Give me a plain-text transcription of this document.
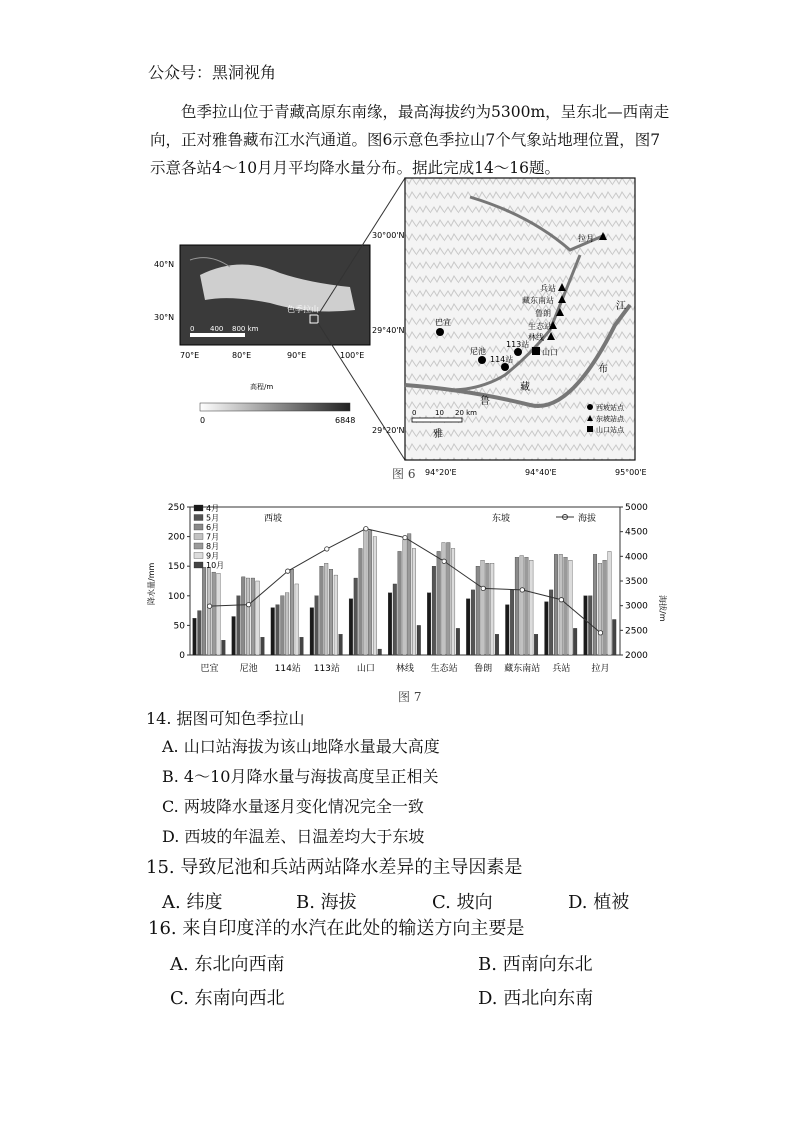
公众号：黑洞视角
色季拉山位于青藏高原东南缘，最高海拔约为5300m，呈东北—西南走向，正对雅鲁藏布江水汽通道。图6示意色季拉山7个气象站地理位置，图7示意各站4～10月月平均降水量分布。据此完成14～16题。
色季拉山
0 400 800 km
40°N
30°N
70°E	80°E	90°E	100°E
高程/m
0	6848
江
布
藏
鲁
雅
30°00'N
29°40'N
29°20'N
94°20'E	94°40'E	95°00'E
拉月
兵站
藏东南站
鲁朗
生态站
林线
山口
113站
114站
尼池
巴宜
0	10 20 km
西坡站点
东坡站点
山口站点
图 6
西坡	东坡	海拔
降水量/mm
海拔/m
0
50
100
150
200
250
2000
2500
3000
3500
4000
4500
5000
巴宜 尼池 114站 113站 山口 林线 生态站 鲁朗 藏东南站 兵站 拉月
4月
5月
6月
7月
8月
9月
10月
图 7
14. 据图可知色季拉山
A. 山口站海拔为该山地降水量最大高度
B. 4～10月降水量与海拔高度呈正相关
C. 两坡降水量逐月变化情况完全一致
D. 西坡的年温差、日温差均大于东坡
15. 导致尼池和兵站两站降水差异的主导因素是
A. 纬度	B. 海拔	C. 坡向	D. 植被
16. 来自印度洋的水汽在此处的输送方向主要是
A. 东北向西南	B. 西南向东北
C. 东南向西北	D. 西北向东南
